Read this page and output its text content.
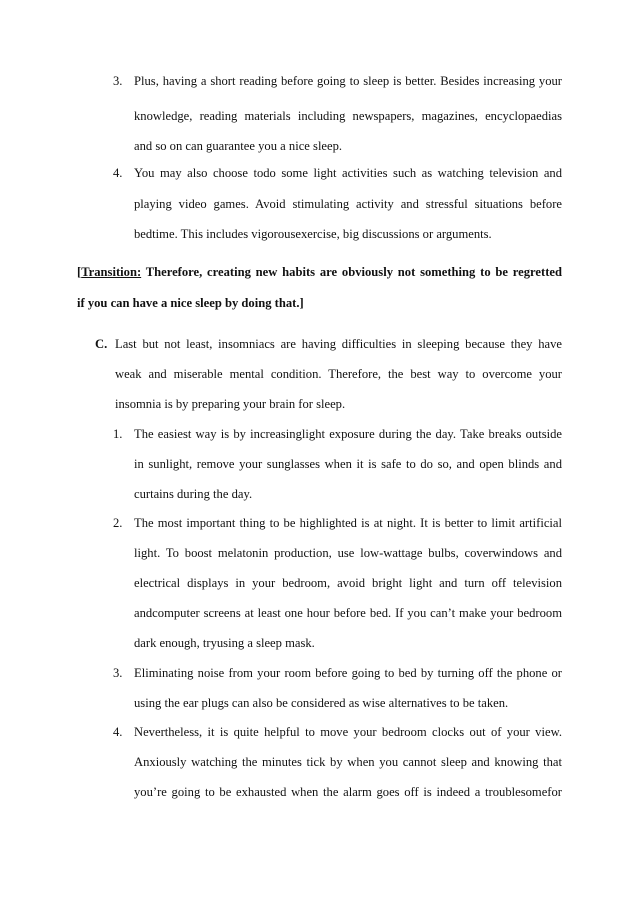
3. Plus, having a short reading before going to sleep is better. Besides increasing your
knowledge, reading materials including newspapers, magazines, encyclopaedias
and so on can guarantee you a nice sleep.
4. You may also choose todo some light activities such as watching television and
playing video games. Avoid stimulating activity and stressful situations before
bedtime. This includes vigorousexercise, big discussions or arguments.
[Transition: Therefore, creating new habits are obviously not something to be regretted
if you can have a nice sleep by doing that.]
C. Last but not least, insomniacs are having difficulties in sleeping because they have
weak and miserable mental condition. Therefore, the best way to overcome your
insomnia is by preparing your brain for sleep.
1. The easiest way is by increasinglight exposure during the day. Take breaks outside
in sunlight, remove your sunglasses when it is safe to do so, and open blinds and
curtains during the day.
2. The most important thing to be highlighted is at night. It is better to limit artificial
light. To boost melatonin production, use low-wattage bulbs, coverwindows and
electrical displays in your bedroom, avoid bright light and turn off television
andcomputer screens at least one hour before bed. If you can’t make your bedroom
dark enough, tryusing a sleep mask.
3. Eliminating noise from your room before going to bed by turning off the phone or
using the ear plugs can also be considered as wise alternatives to be taken.
4. Nevertheless, it is quite helpful to move your bedroom clocks out of your view.
Anxiously watching the minutes tick by when you cannot sleep and knowing that
you’re going to be exhausted when the alarm goes off is indeed a troublesomefor
